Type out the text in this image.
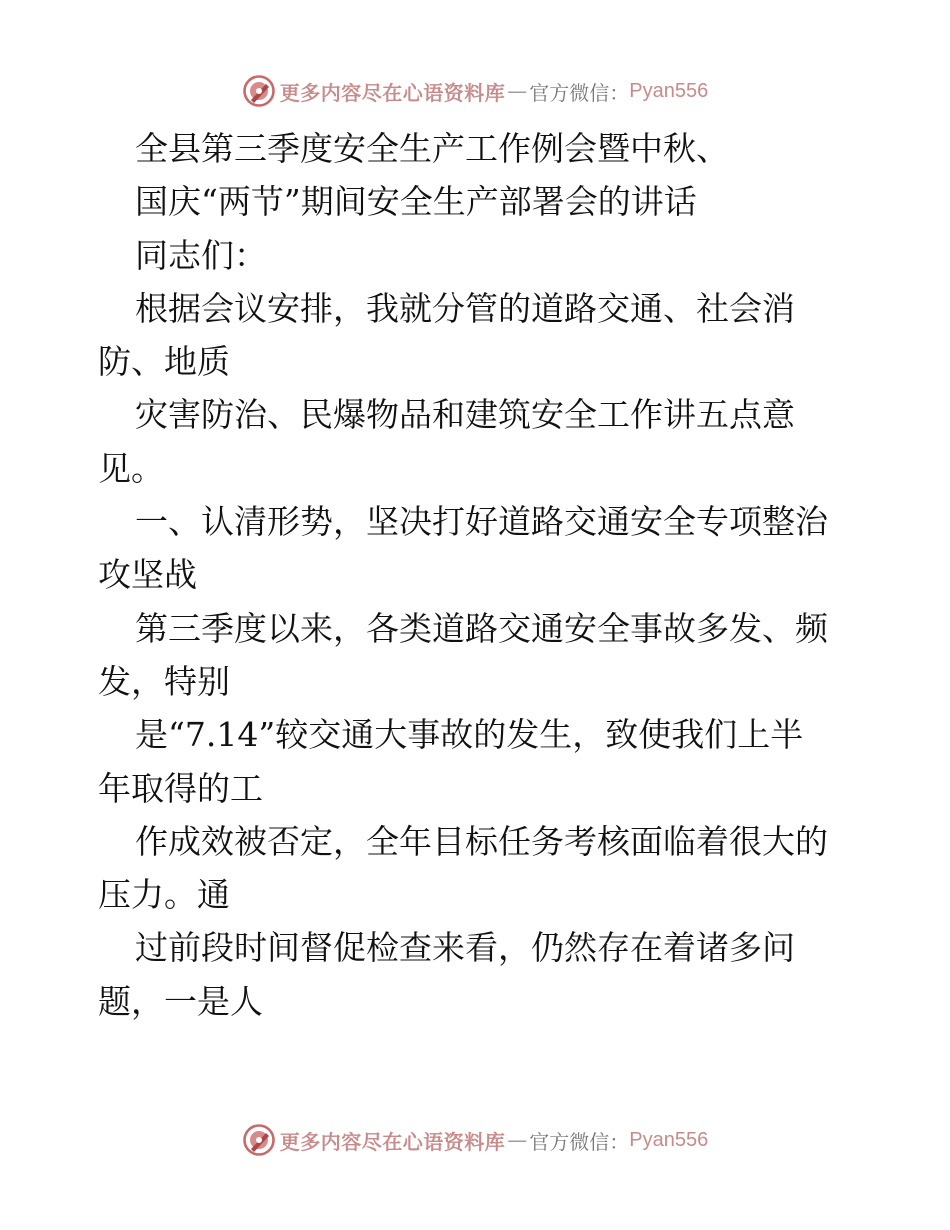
更多内容尽在心语资料库 — 官方微信： Pyan556
全县第三季度安全生产工作例会暨中秋、
国庆“两节”期间安全生产部署会的讲话
同志们：
根据会议安排，我就分管的道路交通、社会消
防、地质
灾害防治、民爆物品和建筑安全工作讲五点意
见。
一、认清形势，坚决打好道路交通安全专项整治
攻坚战
第三季度以来，各类道路交通安全事故多发、频
发，特别
是“7.14”较交通大事故的发生，致使我们上半
年取得的工
作成效被否定，全年目标任务考核面临着很大的
压力。通
过前段时间督促检查来看，仍然存在着诸多问
题，一是人
更多内容尽在心语资料库 — 官方微信： Pyan556
